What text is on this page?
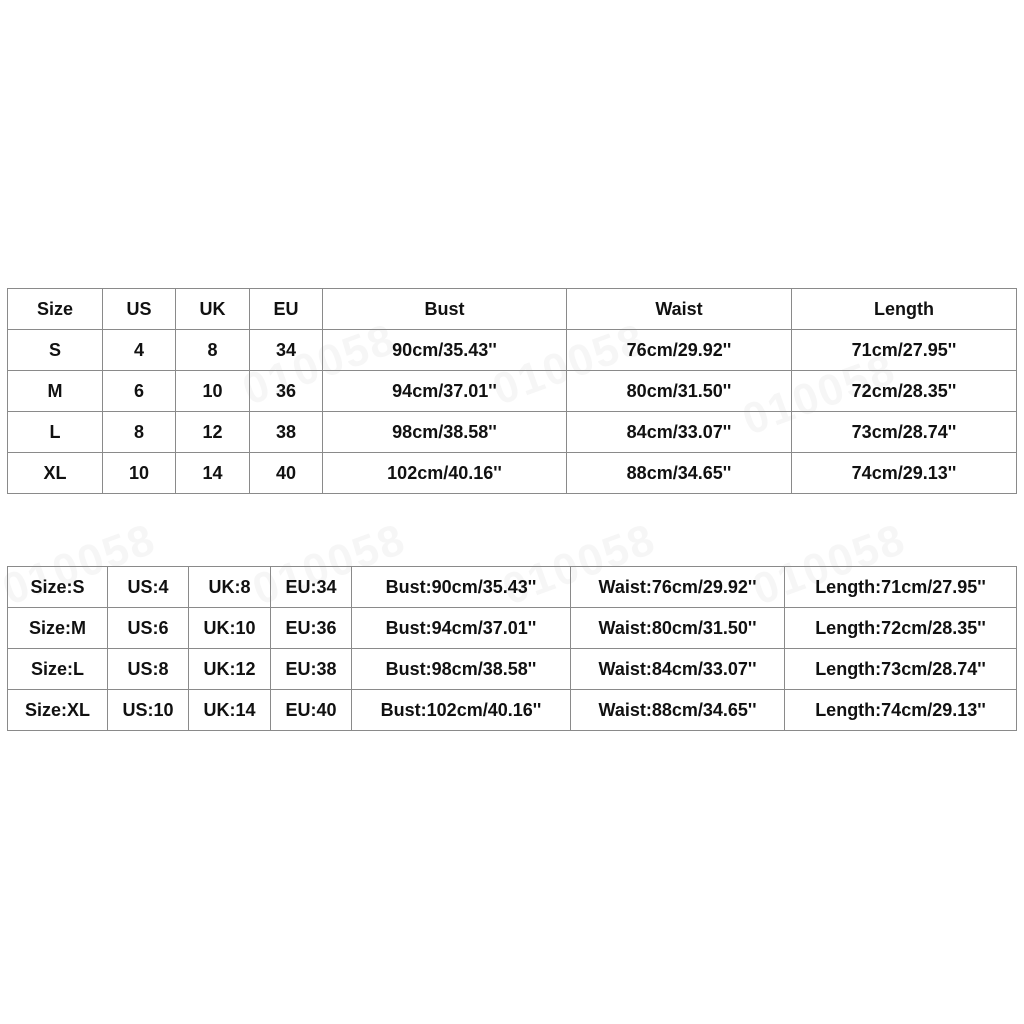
Size	US	UK	EU	Bust	Waist	Length
S	4	8	34	90cm/35.43''	76cm/29.92''	71cm/27.95''
M	6	10	36	94cm/37.01''	80cm/31.50''	72cm/28.35''
L	8	12	38	98cm/38.58''	84cm/33.07''	73cm/28.74''
XL	10	14	40	102cm/40.16''	88cm/34.65''	74cm/29.13''
Size:S	US:4	UK:8	EU:34	Bust:90cm/35.43''	Waist:76cm/29.92''	Length:71cm/27.95''
Size:M	US:6	UK:10	EU:36	Bust:94cm/37.01''	Waist:80cm/31.50''	Length:72cm/28.35''
Size:L	US:8	UK:12	EU:38	Bust:98cm/38.58''	Waist:84cm/33.07''	Length:73cm/28.74''
Size:XL	US:10	UK:14	EU:40	Bust:102cm/40.16''	Waist:88cm/34.65''	Length:74cm/29.13''
